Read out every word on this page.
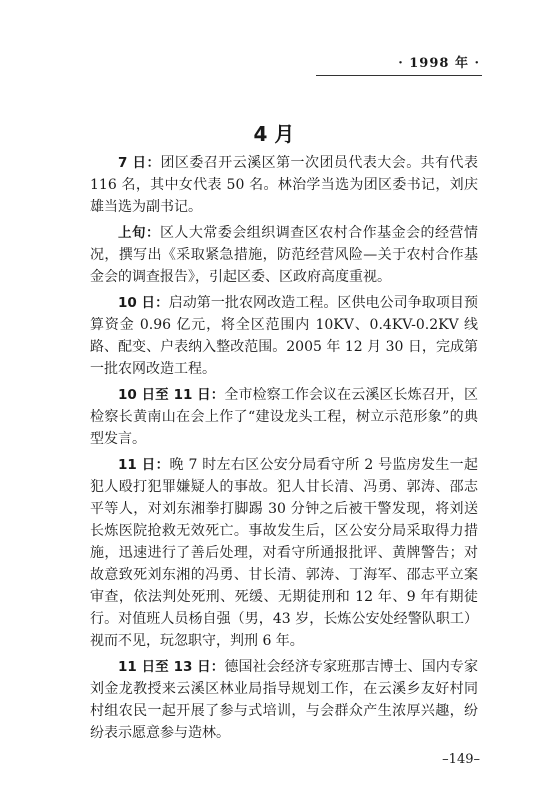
· 1998 年 ·
4 月

7 日：团区委召开云溪区第一次团员代表大会。共有代表 116 名，其中女代表 50 名。林治学当选为团区委书记，刘庆雄当选为副书记。

上旬：区人大常委会组织调查区农村合作基金会的经营情况，撰写出《采取紧急措施，防范经营风险—关于农村合作基金会的调查报告》，引起区委、区政府高度重视。

10 日：启动第一批农网改造工程。区供电公司争取项目预算资金 0.96 亿元，将全区范围内 10KV、0.4KV-0.2KV 线路、配变、户表纳入整改范围。2005 年 12 月 30 日，完成第一批农网改造工程。

10 日至 11 日：全市检察工作会议在云溪区长炼召开，区检察长黄南山在会上作了“建设龙头工程，树立示范形象”的典型发言。

11 日：晚 7 时左右区公安分局看守所 2 号监房发生一起犯人殴打犯罪嫌疑人的事故。犯人甘长清、冯勇、郭涛、邵志平等人，对刘东湘拳打脚踢 30 分钟之后被干警发现，将刘送长炼医院抢救无效死亡。事故发生后，区公安分局采取得力措施，迅速进行了善后处理，对看守所通报批评、黄牌警告；对故意致死刘东湘的冯勇、甘长清、郭涛、丁海军、邵志平立案审查，依法判处死刑、死缓、无期徒刑和 12 年、9 年有期徒行。对值班人员杨自强（男，43 岁，长炼公安处经警队职工）视而不见，玩忽职守，判刑 6 年。

11 日至 13 日：德国社会经济专家班那吉博士、国内专家刘金龙教授来云溪区林业局指导规划工作，在云溪乡友好村同村组农民一起开展了参与式培训，与会群众产生浓厚兴趣，纷纷表示愿意参与造林。

–149–
